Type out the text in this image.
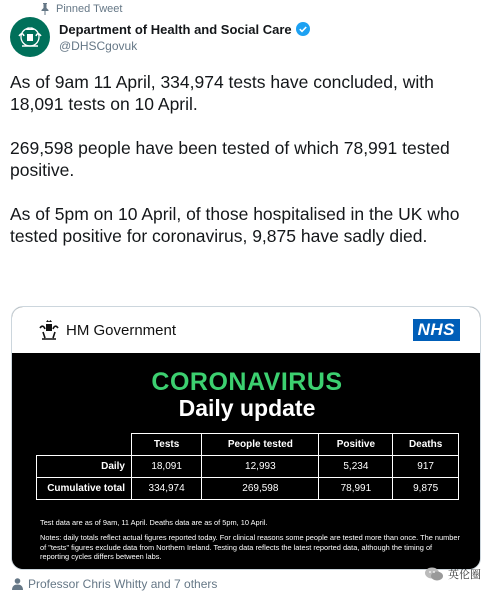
Pinned Tweet
Department of Health and Social Care
@DHSCgovuk

As of 9am 11 April, 334,974 tests have concluded, with 18,091 tests on 10 April.

269,598 people have been tested of which 78,991 tested positive.

As of 5pm on 10 April, of those hospitalised in the UK who tested positive for coronavirus, 9,875 have sadly died.

HM Government	NHS
CORONAVIRUS
Daily update
	Tests	People tested	Positive	Deaths
Daily	18,091	12,993	5,234	917
Cumulative total	334,974	269,598	78,991	9,875
Test data are as of 9am, 11 April. Deaths data are as of 5pm, 10 April.
Notes: daily totals reflect actual figures reported today. For clinical reasons some people are tested more than once. The number of "tests" figures exclude data from Northern Ireland. Testing data reflects the latest reported data, although the timing of reporting cycles differs between labs.
Professor Chris Whitty and 7 others
英伦圈
